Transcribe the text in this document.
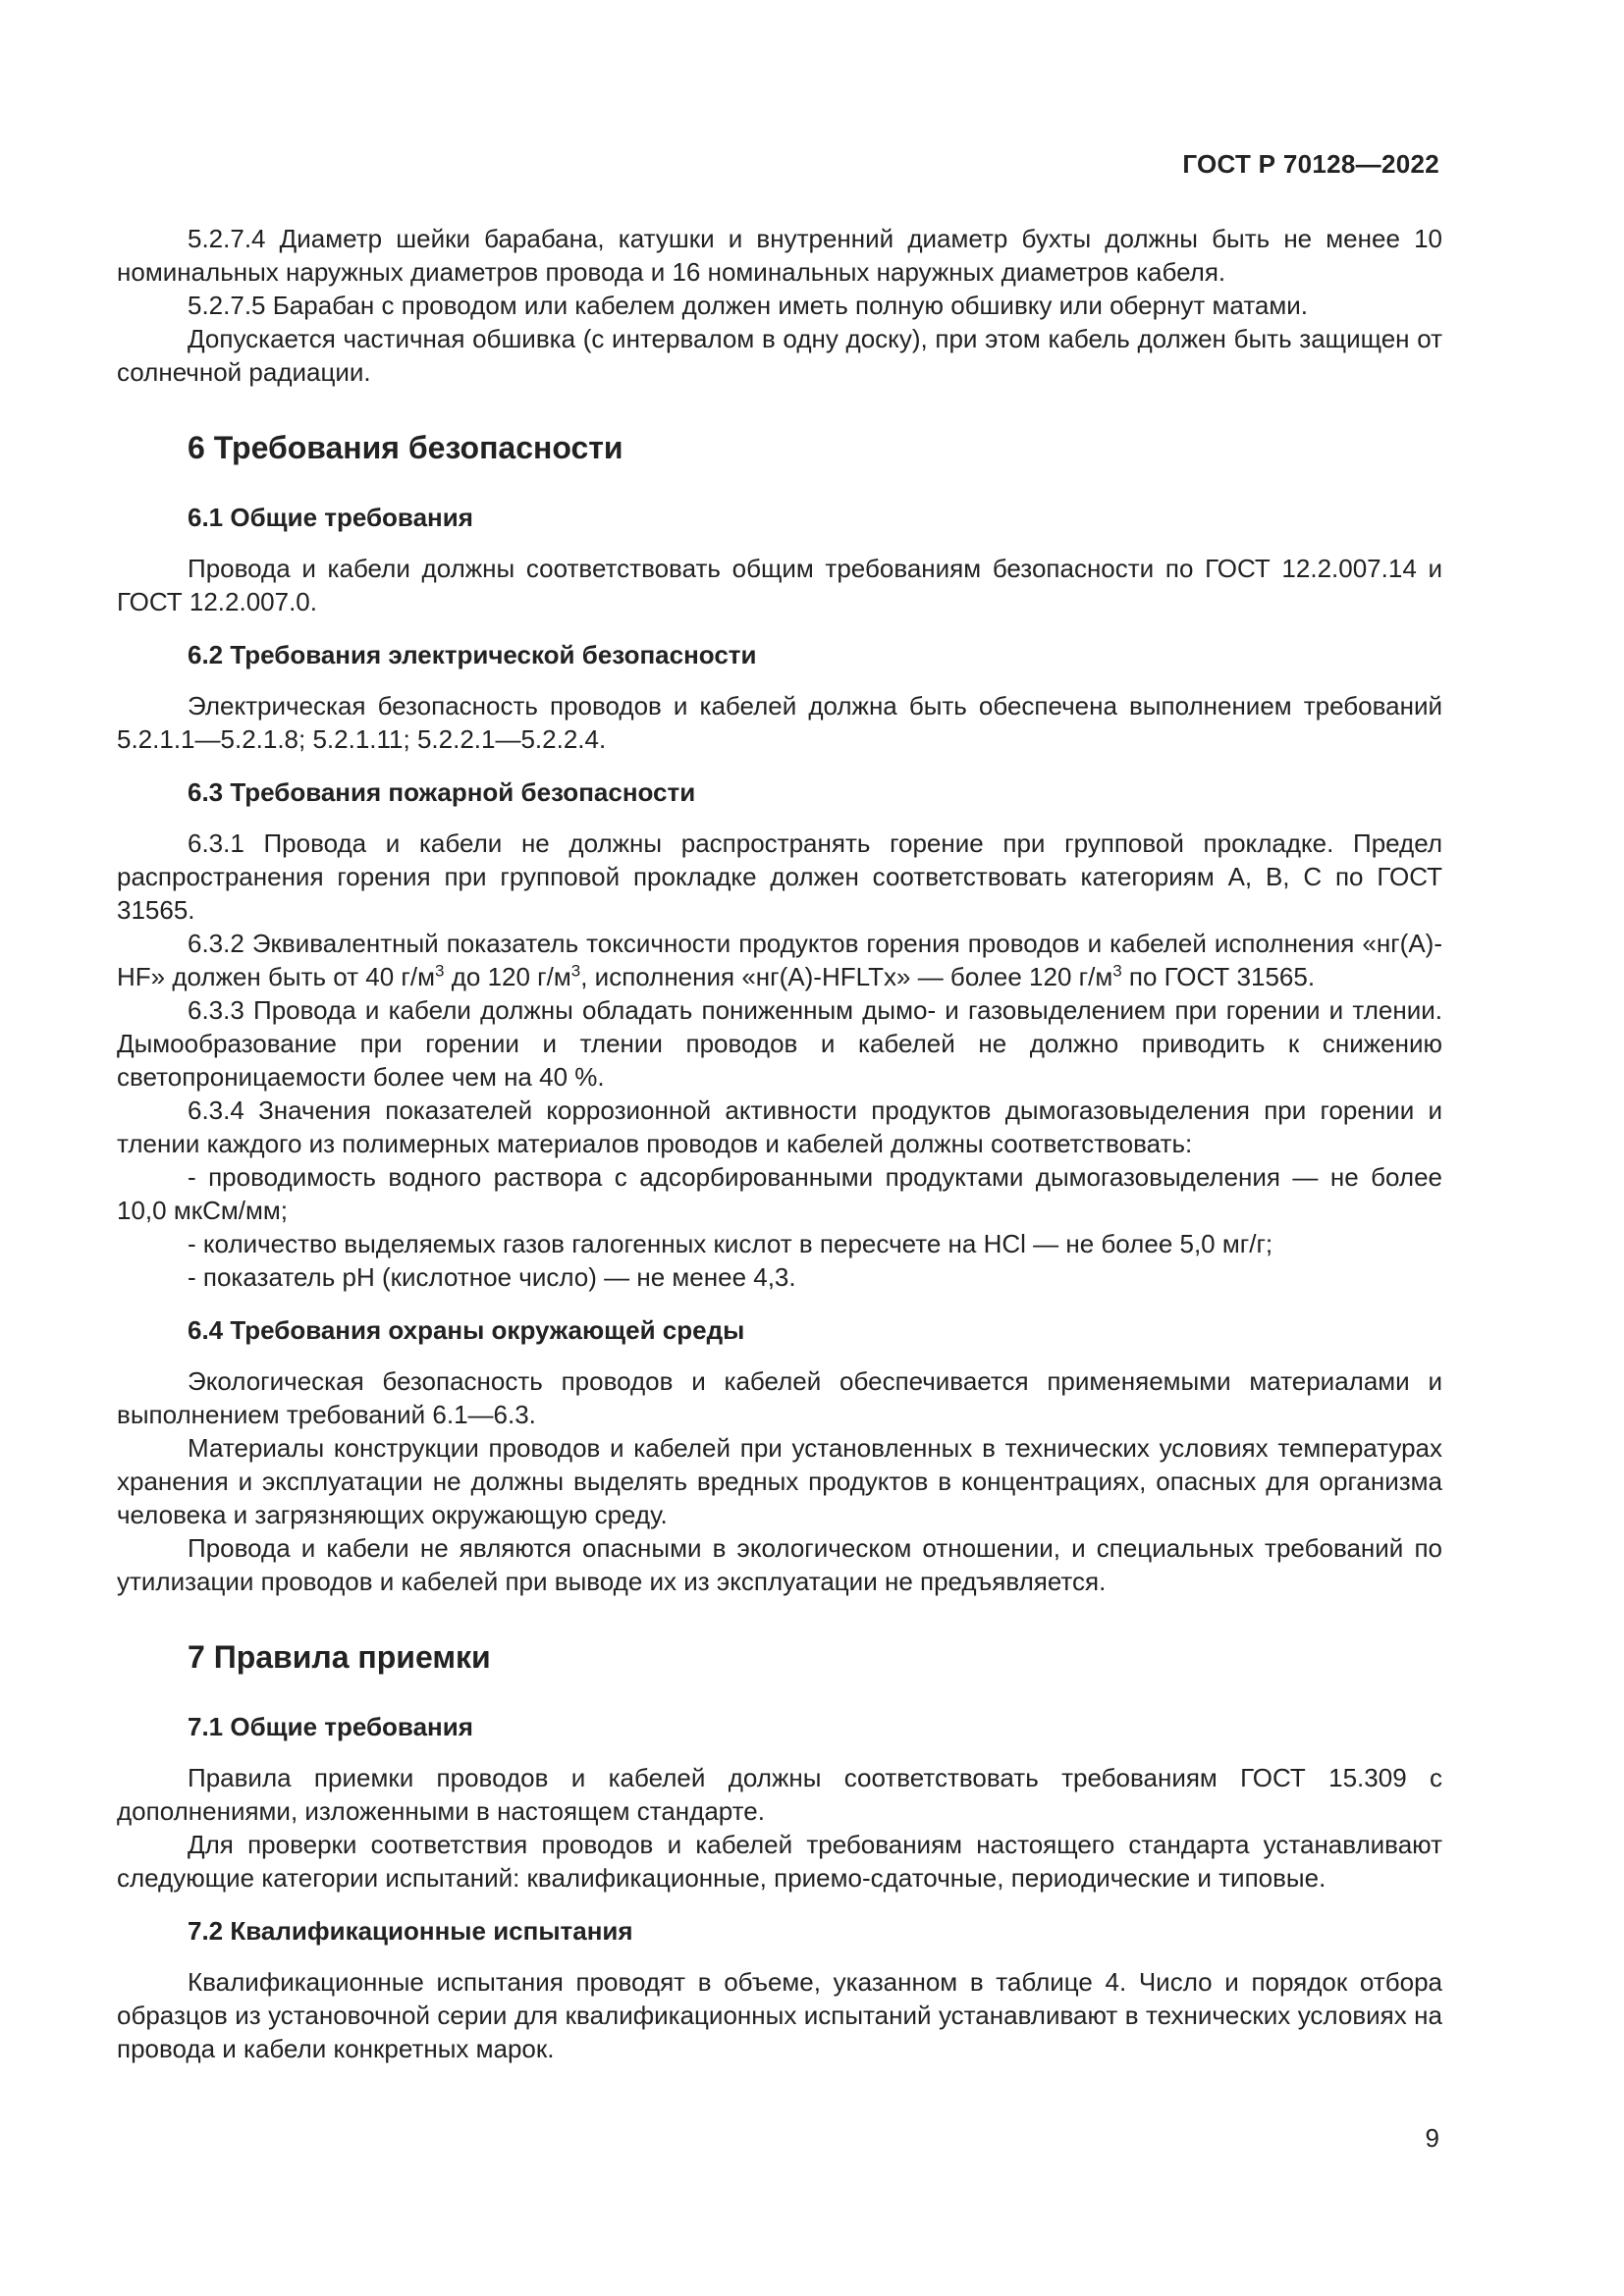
ГОСТ Р 70128—2022

5.2.7.4 Диаметр шейки барабана, катушки и внутренний диаметр бухты должны быть не менее 10 номинальных наружных диаметров провода и 16 номинальных наружных диаметров кабеля.

5.2.7.5 Барабан с проводом или кабелем должен иметь полную обшивку или обернут матами.

Допускается частичная обшивка (с интервалом в одну доску), при этом кабель должен быть защищен от солнечной радиации.

6 Требования безопасности
6.1 Общие требования

Провода и кабели должны соответствовать общим требованиям безопасности по ГОСТ 12.2.007.14 и ГОСТ 12.2.007.0.

6.2 Требования электрической безопасности

Электрическая безопасность проводов и кабелей должна быть обеспечена выполнением требований 5.2.1.1—5.2.1.8; 5.2.1.11; 5.2.2.1—5.2.2.4.

6.3 Требования пожарной безопасности

6.3.1 Провода и кабели не должны распространять горение при групповой прокладке. Предел распространения горения при групповой прокладке должен соответствовать категориям А, В, С по ГОСТ 31565.

6.3.2 Эквивалентный показатель токсичности продуктов горения проводов и кабелей исполнения «нг(А)-HF» должен быть от 40 $г/м^3$ до 120 $г/м^3$, исполнения «нг(А)-HFLTx» — более 120 $г/м^3$ по ГОСТ 31565.

6.3.3 Провода и кабели должны обладать пониженным дымо- и газовыделением при горении и тлении. Дымообразование при горении и тлении проводов и кабелей не должно приводить к снижению светопроницаемости более чем на 40 %.

6.3.4 Значения показателей коррозионной активности продуктов дымогазовыделения при горении и тлении каждого из полимерных материалов проводов и кабелей должны соответствовать:

- проводимость водного раствора с адсорбированными продуктами дымогазовыделения — не более 10,0 мкСм/мм;

- количество выделяемых газов галогенных кислот в пересчете на HCl — не более 5,0 мг/г;

- показатель pH (кислотное число) — не менее 4,3.

6.4 Требования охраны окружающей среды

Экологическая безопасность проводов и кабелей обеспечивается применяемыми материалами и выполнением требований 6.1—6.3.

Материалы конструкции проводов и кабелей при установленных в технических условиях температурах хранения и эксплуатации не должны выделять вредных продуктов в концентрациях, опасных для организма человека и загрязняющих окружающую среду.

Провода и кабели не являются опасными в экологическом отношении, и специальных требований по утилизации проводов и кабелей при выводе их из эксплуатации не предъявляется.

7 Правила приемки
7.1 Общие требования

Правила приемки проводов и кабелей должны соответствовать требованиям ГОСТ 15.309 с дополнениями, изложенными в настоящем стандарте.

Для проверки соответствия проводов и кабелей требованиям настоящего стандарта устанавливают следующие категории испытаний: квалификационные, приемо-сдаточные, периодические и типовые.

7.2 Квалификационные испытания

Квалификационные испытания проводят в объеме, указанном в таблице 4. Число и порядок отбора образцов из установочной серии для квалификационных испытаний устанавливают в технических условиях на провода и кабели конкретных марок.

9
